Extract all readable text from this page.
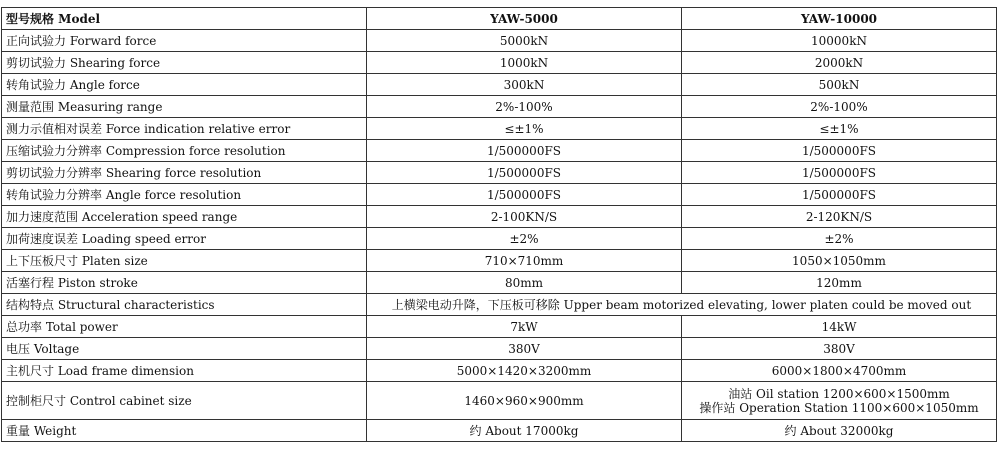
型号规格 Model	YAW-5000	YAW-10000
正向试验力 Forward force	5000kN	10000kN
剪切试验力 Shearing force	1000kN	2000kN
转角试验力 Angle force	300kN	500kN
测量范围 Measuring range	2%-100%	2%-100%
测力示值相对误差 Force indication relative error	≤±1%	≤±1%
压缩试验力分辨率 Compression force resolution	1/500000FS	1/500000FS
剪切试验力分辨率 Shearing force resolution	1/500000FS	1/500000FS
转角试验力分辨率 Angle force resolution	1/500000FS	1/500000FS
加力速度范围 Acceleration speed range	2-100KN/S	2-120KN/S
加荷速度误差 Loading speed error	±2%	±2%
上下压板尺寸 Platen size	710×710mm	1050×1050mm
活塞行程 Piston stroke	80mm	120mm
结构特点 Structural characteristics	上横梁电动升降，下压板可移除 Upper beam motorized elevating, lower platen could be moved out	
总功率 Total power	7kW	14kW
电压 Voltage	380V	380V
主机尺寸 Load frame dimension	5000×1420×3200mm	6000×1800×4700mm
控制柜尺寸 Control cabinet size	1460×960×900mm	油站 Oil station 1200×600×1500mm
操作站 Operation Station 1100×600×1050mm

重量 Weight	约 About 17000kg	约 About 32000kg
